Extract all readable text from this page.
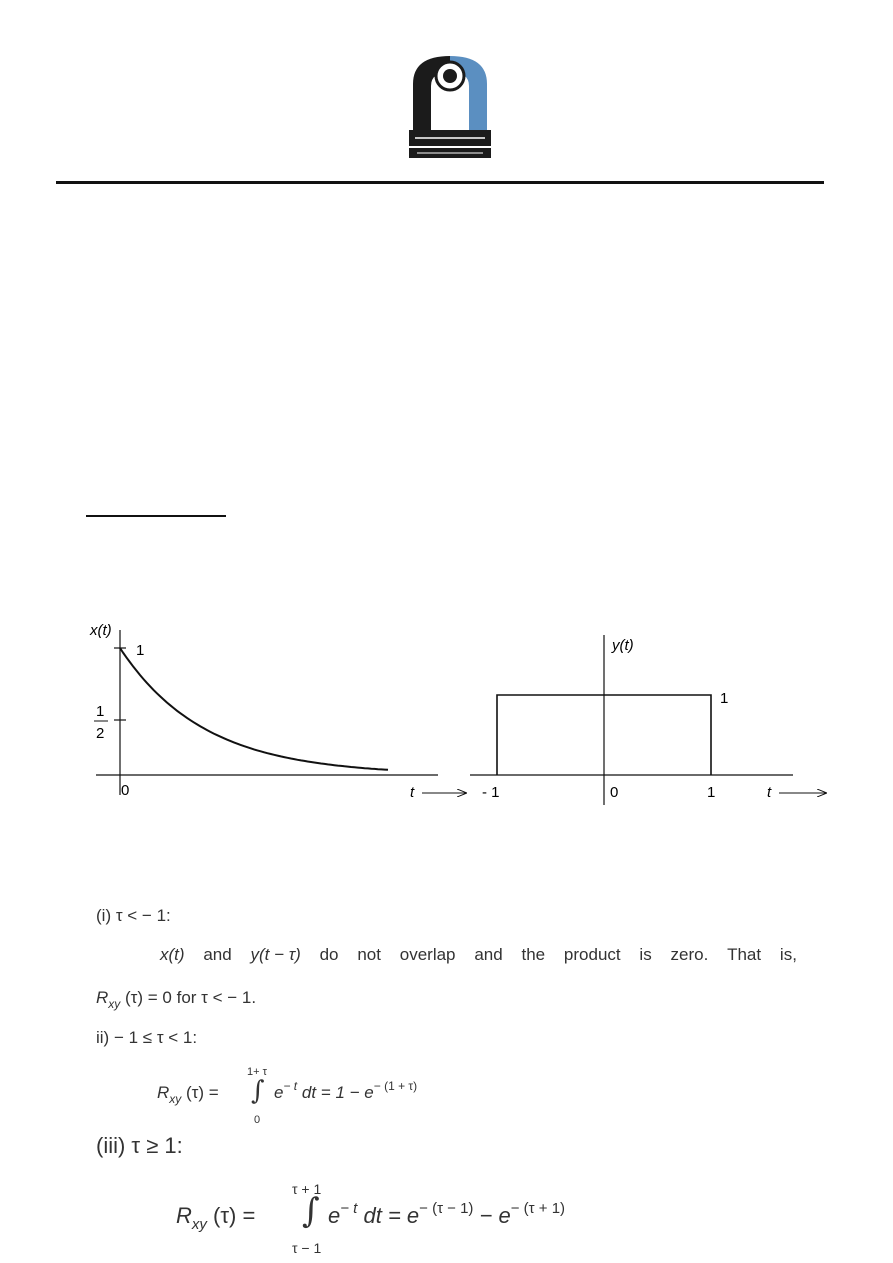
x(t)
1
1
2
0	t
y(t)
1
- 1	0	1	t
(i) τ < − 1:
x(t) and y(t − τ) do not overlap and the product is zero. That is,
$R_{xy}$ (τ) = 0 for τ < − 1.
ii) − 1 ≤ τ < 1:
$R_{xy}$ (τ) =
1+ τ
∫
0
$e^{- t}$ dt = $1 - e^{- (1 + \tau)}$
(iii) τ ≥ 1:
$R_{xy}$ (τ) =
τ + 1
∫
τ − 1
$e^{- t}$ dt = $e^{- (\tau - 1)} - e^{- (\tau + 1)}$
